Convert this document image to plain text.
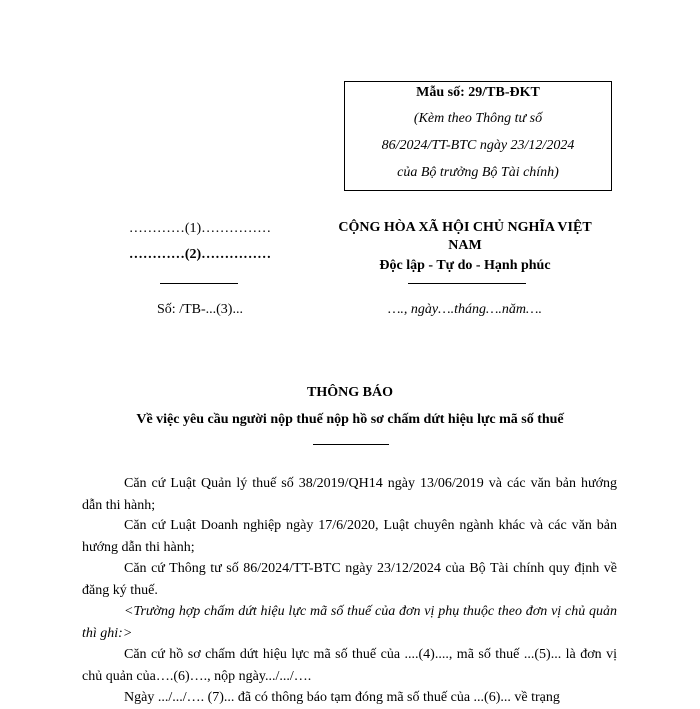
Mẫu số: 29/TB-ĐKT
(Kèm theo Thông tư số
86/2024/TT-BTC ngày 23/12/2024
của Bộ trưởng Bộ Tài chính)
…………(1)……………
…………(2)……………
Số: /TB-...(3)...
CỘNG HÒA XÃ HỘI CHỦ NGHĨA VIỆT NAM
Độc lập - Tự do - Hạnh phúc
…., ngày….tháng….năm….
THÔNG BÁO
Về việc yêu cầu người nộp thuế nộp hồ sơ chấm dứt hiệu lực mã số thuế
Căn cứ Luật Quản lý thuế số 38/2019/QH14 ngày 13/06/2019 và các văn bản hướng dẫn thi hành;
Căn cứ Luật Doanh nghiệp ngày 17/6/2020, Luật chuyên ngành khác và các văn bản hướng dẫn thi hành;
Căn cứ Thông tư số 86/2024/TT-BTC ngày 23/12/2024 của Bộ Tài chính quy định về đăng ký thuế.
<Trường hợp chấm dứt hiệu lực mã số thuế của đơn vị phụ thuộc theo đơn vị chủ quản thì ghi:>
Căn cứ hồ sơ chấm dứt hiệu lực mã số thuế của ....(4)...., mã số thuế ...(5)... là đơn vị chủ quản của….(6)…., nộp ngày.../.../….
Ngày .../.../…. (7)... đã có thông báo tạm đóng mã số thuế của ...(6)... về trạng
